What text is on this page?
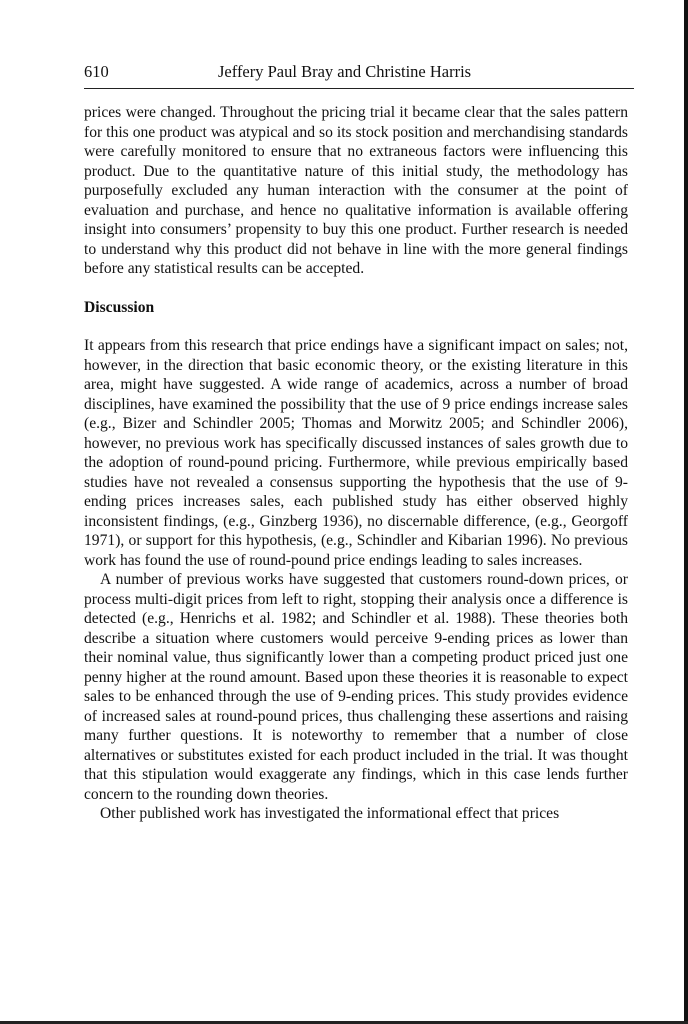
610	Jeffery Paul Bray and Christine Harris

prices were changed. Throughout the pricing trial it became clear that the sales pattern for this one product was atypical and so its stock position and merchandising standards were carefully monitored to ensure that no extraneous factors were influencing this product. Due to the quantitative nature of this initial study, the methodology has purposefully excluded any human interaction with the consumer at the point of evaluation and purchase, and hence no qualitative information is available offering insight into consumers’ propensity to buy this one product. Further research is needed to understand why this product did not behave in line with the more general findings before any statistical results can be accepted.

Discussion

It appears from this research that price endings have a significant impact on sales; not, however, in the direction that basic economic theory, or the existing literature in this area, might have suggested. A wide range of academics, across a number of broad disciplines, have examined the possibility that the use of 9 price endings increase sales (e.g., Bizer and Schindler 2005; Thomas and Morwitz 2005; and Schindler 2006), however, no previous work has specifically discussed instances of sales growth due to the adoption of round-pound pricing. Furthermore, while previous empirically based studies have not revealed a consensus supporting the hypothesis that the use of 9-ending prices increases sales, each published study has either observed highly inconsistent findings, (e.g., Ginzberg 1936), no discernable difference, (e.g., Georgoff 1971), or support for this hypothesis, (e.g., Schindler and Kibarian 1996). No previous work has found the use of round-pound price endings leading to sales increases.

A number of previous works have suggested that customers round-down prices, or process multi-digit prices from left to right, stopping their analysis once a difference is detected (e.g., Henrichs et al. 1982; and Schindler et al. 1988). These theories both describe a situation where customers would perceive 9-ending prices as lower than their nominal value, thus significantly lower than a competing product priced just one penny higher at the round amount. Based upon these theories it is reasonable to expect sales to be enhanced through the use of 9-ending prices. This study provides evidence of increased sales at round-pound prices, thus challenging these assertions and raising many further questions. It is noteworthy to remember that a number of close alternatives or substitutes existed for each product included in the trial. It was thought that this stipulation would exaggerate any findings, which in this case lends further concern to the rounding down theories.

Other published work has investigated the informational effect that prices
